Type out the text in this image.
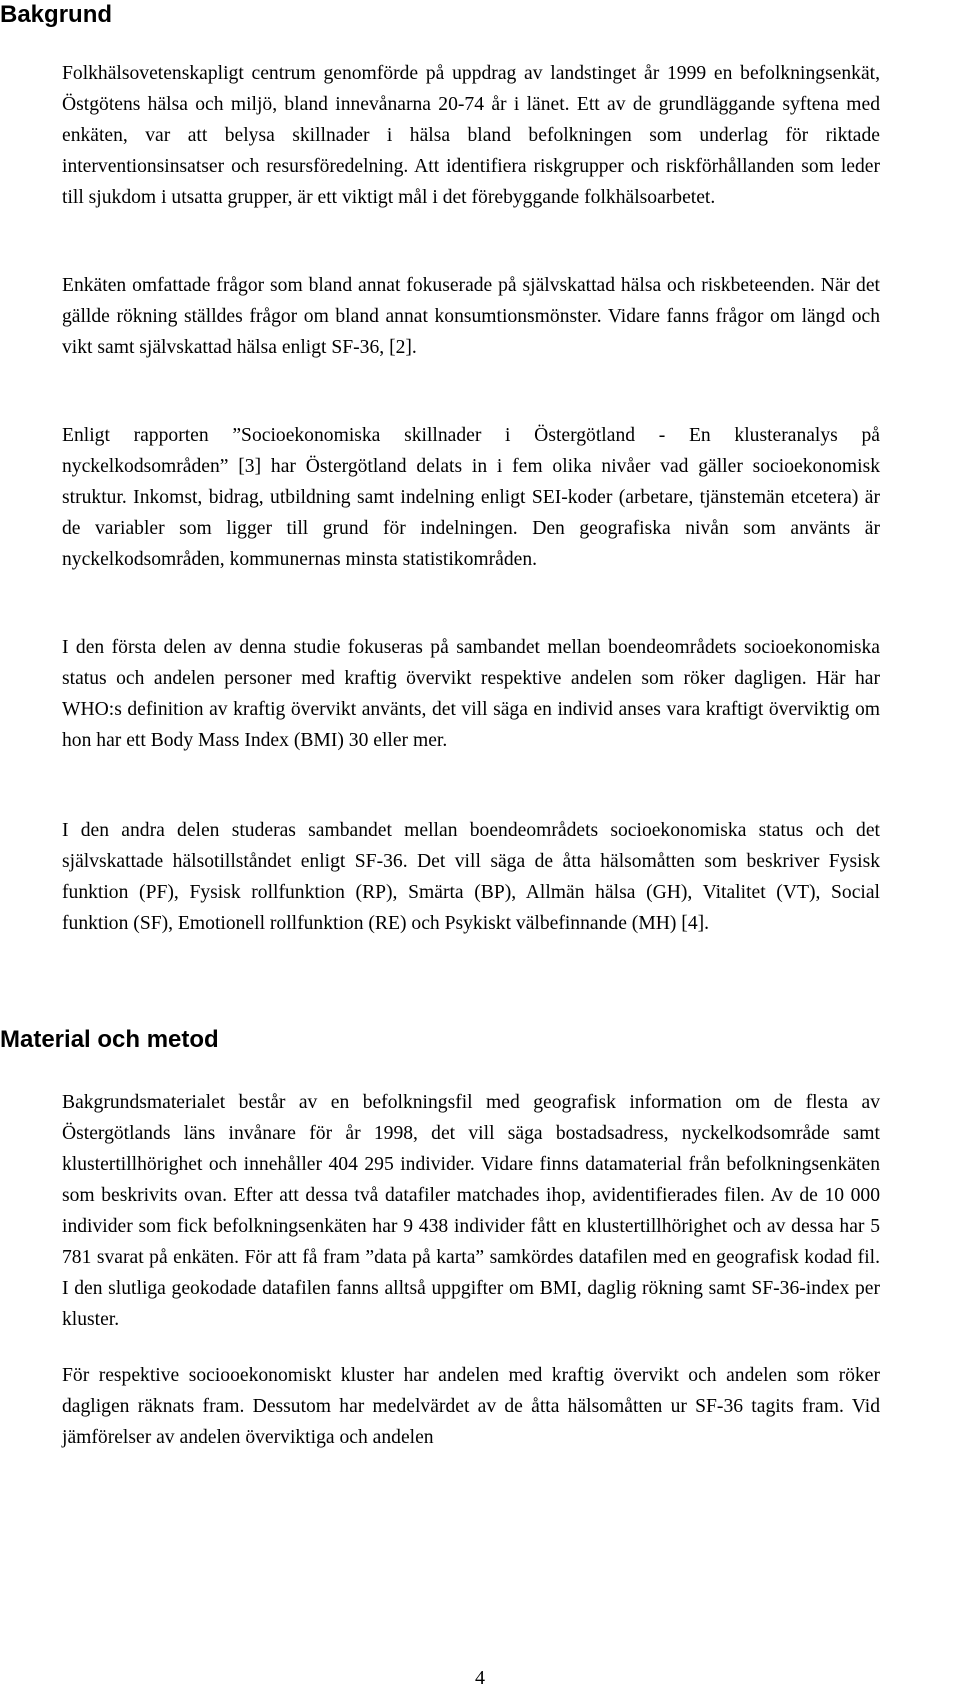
Bakgrund

Folkhälsovetenskapligt centrum genomförde på uppdrag av landstinget år 1999 en befolkningsenkät, Östgötens hälsa och miljö, bland innevånarna 20-74 år i länet. Ett av de grundläggande syftena med enkäten, var att belysa skillnader i hälsa bland befolkningen som underlag för riktade interventionsinsatser och resursföredelning. Att identifiera riskgrupper och riskförhållanden som leder till sjukdom i utsatta grupper, är ett viktigt mål i det förebyggande folkhälsoarbetet.

Enkäten omfattade frågor som bland annat fokuserade på självskattad hälsa och riskbeteenden. När det gällde rökning ställdes frågor om bland annat konsumtionsmönster. Vidare fanns frågor om längd och vikt samt självskattad hälsa enligt SF-36, [2].

Enligt rapporten ”Socioekonomiska skillnader i Östergötland - En klusteranalys på nyckelkodsområden” [3] har Östergötland delats in i fem olika nivåer vad gäller socioekonomisk struktur. Inkomst, bidrag, utbildning samt indelning enligt SEI-koder (arbetare, tjänstemän etcetera) är de variabler som ligger till grund för indelningen. Den geografiska nivån som använts är nyckelkodsområden, kommunernas minsta statistikområden.

I den första delen av denna studie fokuseras på sambandet mellan boendeområdets socioekonomiska status och andelen personer med kraftig övervikt respektive andelen som röker dagligen. Här har WHO:s definition av kraftig övervikt använts, det vill säga en individ anses vara kraftigt överviktig om hon har ett Body Mass Index (BMI) 30 eller mer.

I den andra delen studeras sambandet mellan boendeområdets socioekonomiska status och det självskattade hälsotillståndet enligt SF-36. Det vill säga de åtta hälsomåtten som beskriver Fysisk funktion (PF), Fysisk rollfunktion (RP), Smärta (BP), Allmän hälsa (GH), Vitalitet (VT), Social funktion (SF), Emotionell rollfunktion (RE) och Psykiskt välbefinnande (MH) [4].

Material och metod

Bakgrundsmaterialet består av en befolkningsfil med geografisk information om de flesta av Östergötlands läns invånare för år 1998, det vill säga bostadsadress, nyckelkodsområde samt klustertillhörighet och innehåller 404 295 individer. Vidare finns datamaterial från befolkningsenkäten som beskrivits ovan. Efter att dessa två datafiler matchades ihop, avidentifierades filen. Av de 10 000 individer som fick befolkningsenkäten har 9 438 individer fått en klustertillhörighet och av dessa har 5 781 svarat på enkäten. För att få fram ”data på karta” samkördes datafilen med en geografisk kodad fil. I den slutliga geokodade datafilen fanns alltså uppgifter om BMI, daglig rökning samt SF-36-index per kluster.

För respektive sociooekonomiskt kluster har andelen med kraftig övervikt och andelen som röker dagligen räknats fram. Dessutom har medelvärdet av de åtta hälsomåtten ur SF-36 tagits fram. Vid jämförelser av andelen överviktiga och andelen

4
